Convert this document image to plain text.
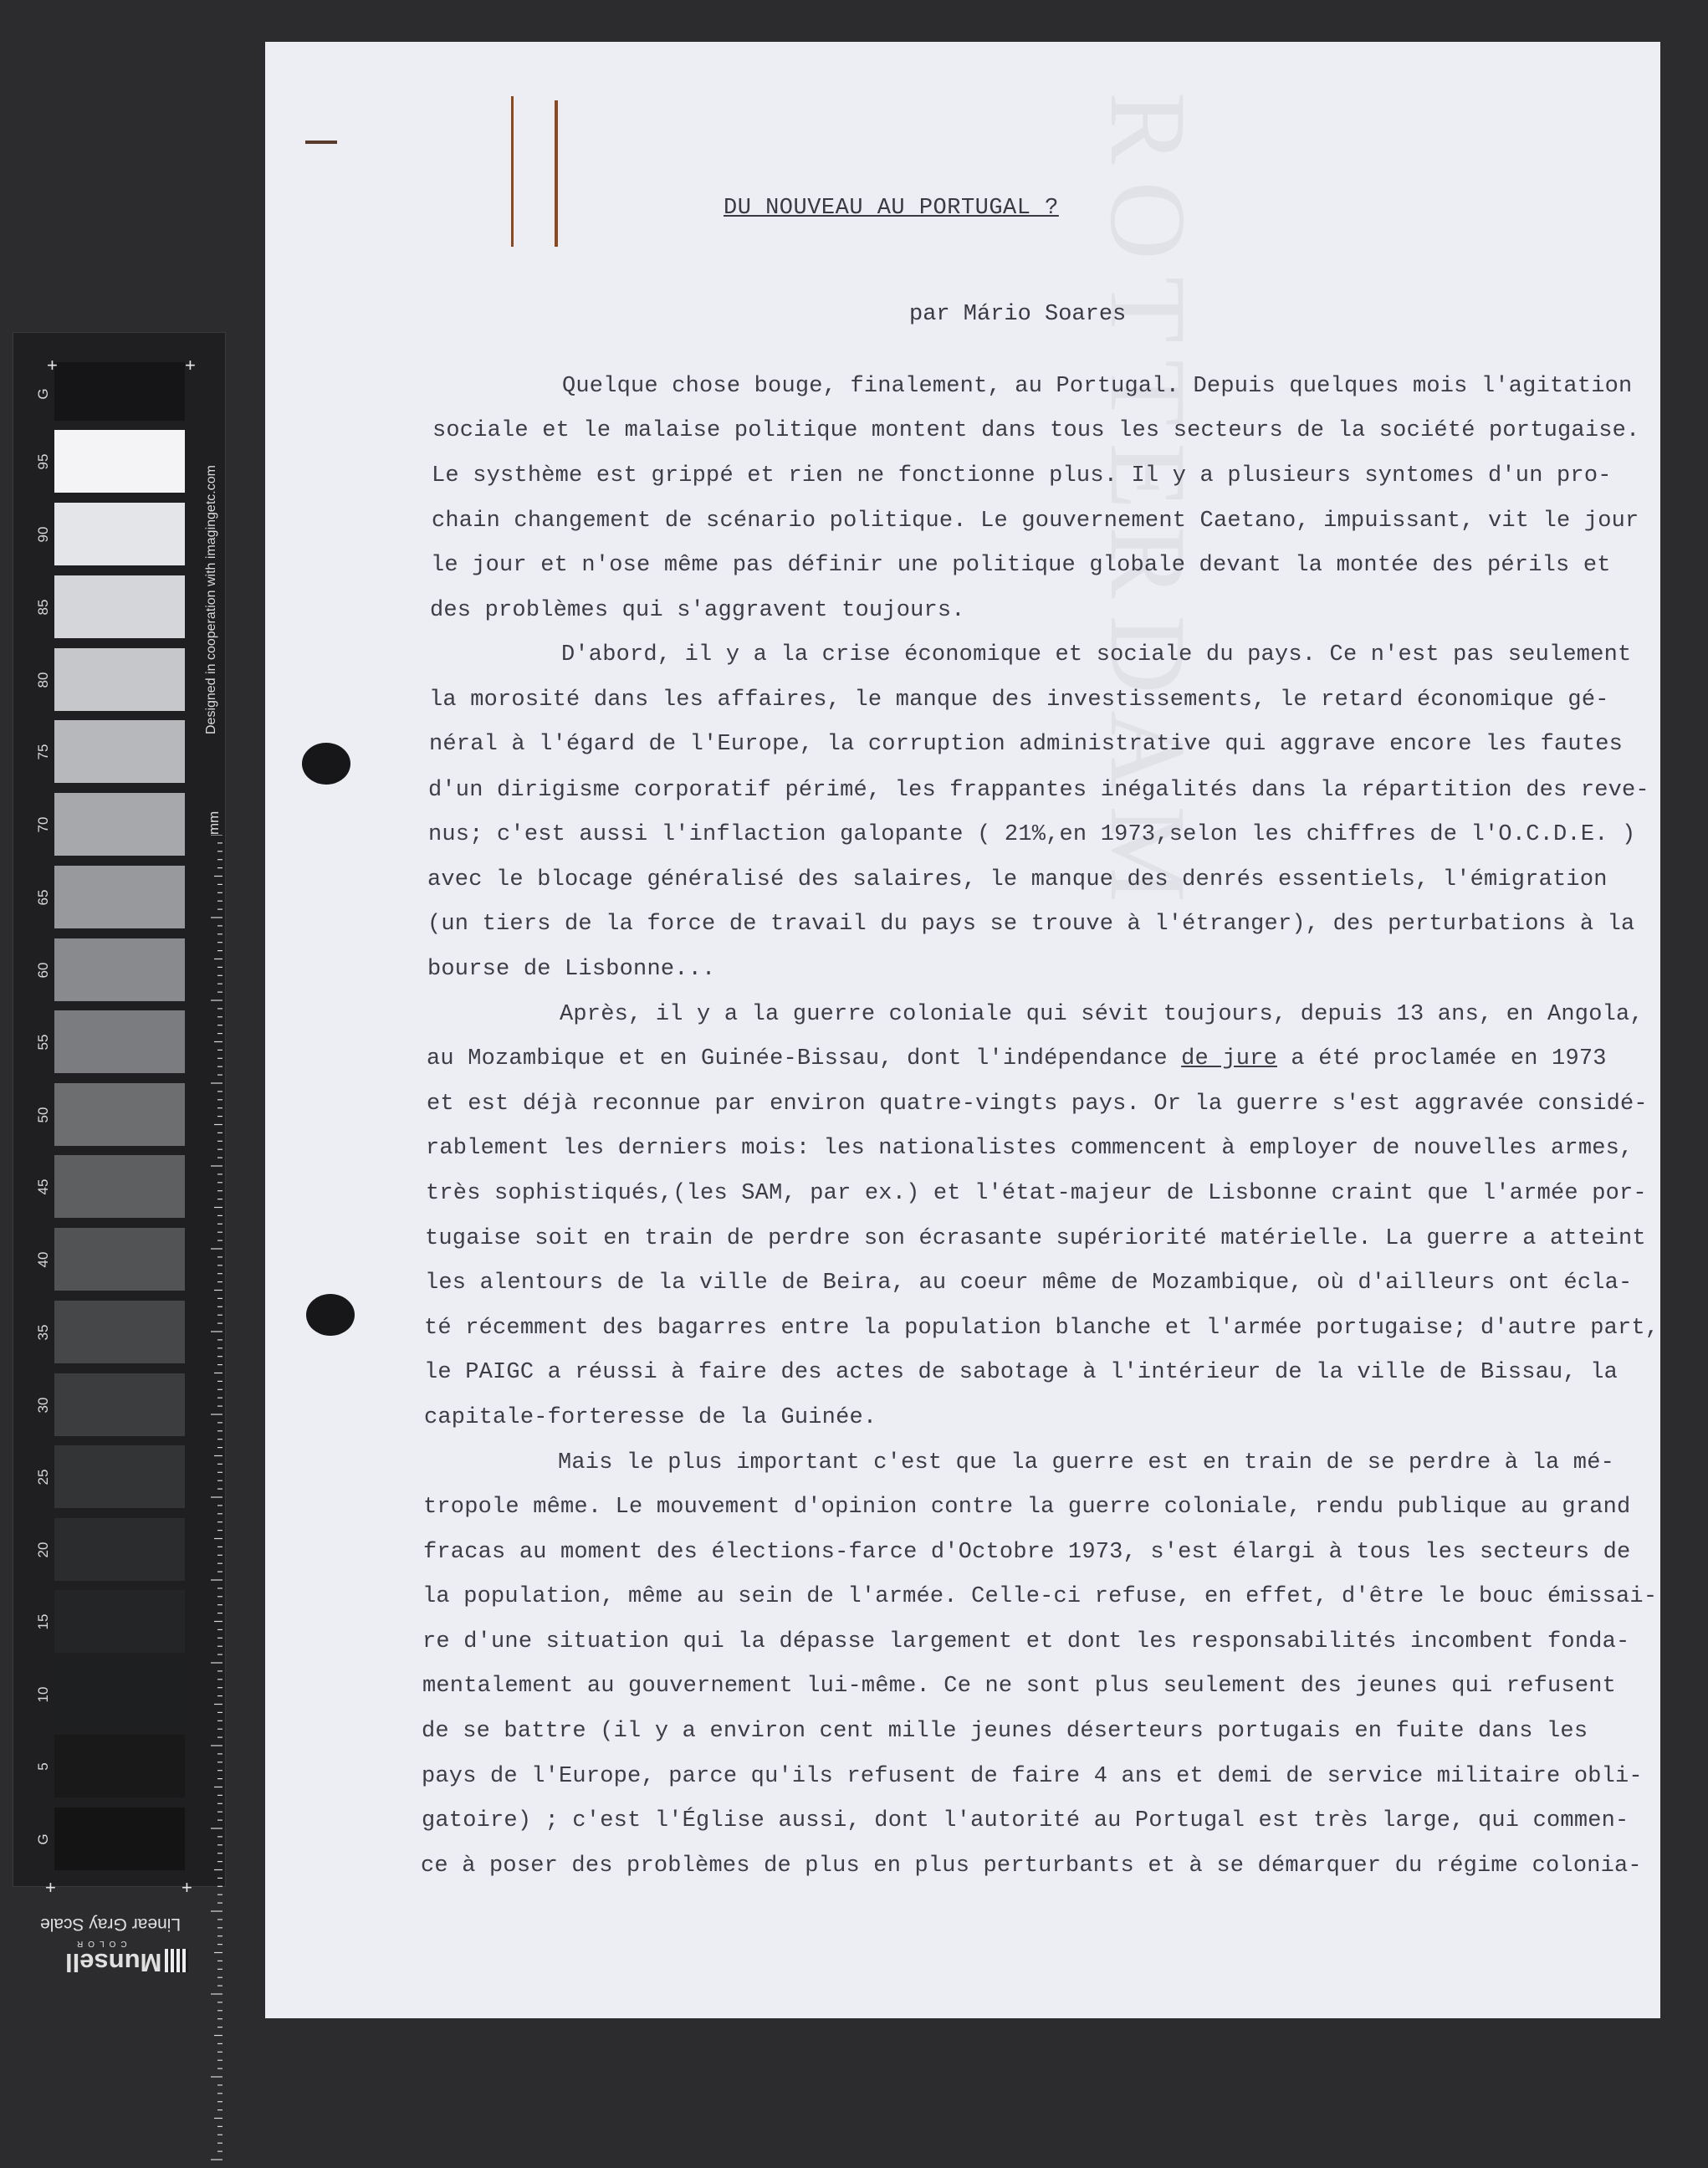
G
95
90
85
80
75
70
65
60
55
50
45
40
35
30
25
20
15
10
5
G
+	+
+	+
Designed in cooperation with imagingetc.com
mm
Linear Gray Scale
Munsell
COLOR
ROTTERDAM
DU NOUVEAU AU PORTUGAL ?
par Mário Soares
Quelque chose bouge, finalement, au Portugal. Depuis quelques mois l'agitation
sociale et le malaise politique montent dans tous les secteurs de la société portugaise.
Le systhème est grippé et rien ne fonctionne plus. Il y a plusieurs syntomes d'un pro-
chain changement de scénario politique. Le gouvernement Caetano, impuissant, vit le jour
le jour et n'ose même pas définir une politique globale devant la montée des périls et
des problèmes qui s'aggravent toujours.
D'abord, il y a la crise économique et sociale du pays. Ce n'est pas seulement
la morosité dans les affaires, le manque des investissements, le retard économique gé-
néral à l'égard de l'Europe, la corruption administrative qui aggrave encore les fautes
d'un dirigisme corporatif périmé, les frappantes inégalités dans la répartition des reve-
nus; c'est aussi l'inflaction galopante ( 21%,en 1973,selon les chiffres de l'O.C.D.E. )
avec le blocage généralisé des salaires, le manque des denrés essentiels, l'émigration
(un tiers de la force de travail du pays se trouve à l'étranger), des perturbations à la
bourse de Lisbonne...
Après, il y a la guerre coloniale qui sévit toujours, depuis 13 ans, en Angola,
au Mozambique et en Guinée-Bissau, dont l'indépendance de jure a été proclamée en 1973
et est déjà reconnue par environ quatre-vingts pays. Or la guerre s'est aggravée considé-
rablement les derniers mois: les nationalistes commencent à employer de nouvelles armes,
très sophistiqués,(les SAM, par ex.) et l'état-majeur de Lisbonne craint que l'armée por-
tugaise soit en train de perdre son écrasante supériorité matérielle. La guerre a atteint
les alentours de la ville de Beira, au coeur même de Mozambique, où d'ailleurs ont écla-
té récemment des bagarres entre la population blanche et l'armée portugaise; d'autre part,
le PAIGC a réussi à faire des actes de sabotage à l'intérieur de la ville de Bissau, la
capitale-forteresse de la Guinée.
Mais le plus important c'est que la guerre est en train de se perdre à la mé-
tropole même. Le mouvement d'opinion contre la guerre coloniale, rendu publique au grand
fracas au moment des élections-farce d'Octobre 1973, s'est élargi à tous les secteurs de
la population, même au sein de l'armée. Celle-ci refuse, en effet, d'être le bouc émissai-
re d'une situation qui la dépasse largement et dont les responsabilités incombent fonda-
mentalement au gouvernement lui-même. Ce ne sont plus seulement des jeunes qui refusent
de se battre (il y a environ cent mille jeunes déserteurs portugais en fuite dans les
pays de l'Europe, parce qu'ils refusent de faire 4 ans et demi de service militaire obli-
gatoire) ; c'est l'Église aussi, dont l'autorité au Portugal est très large, qui commen-
ce à poser des problèmes de plus en plus perturbants et à se démarquer du régime colonia-
